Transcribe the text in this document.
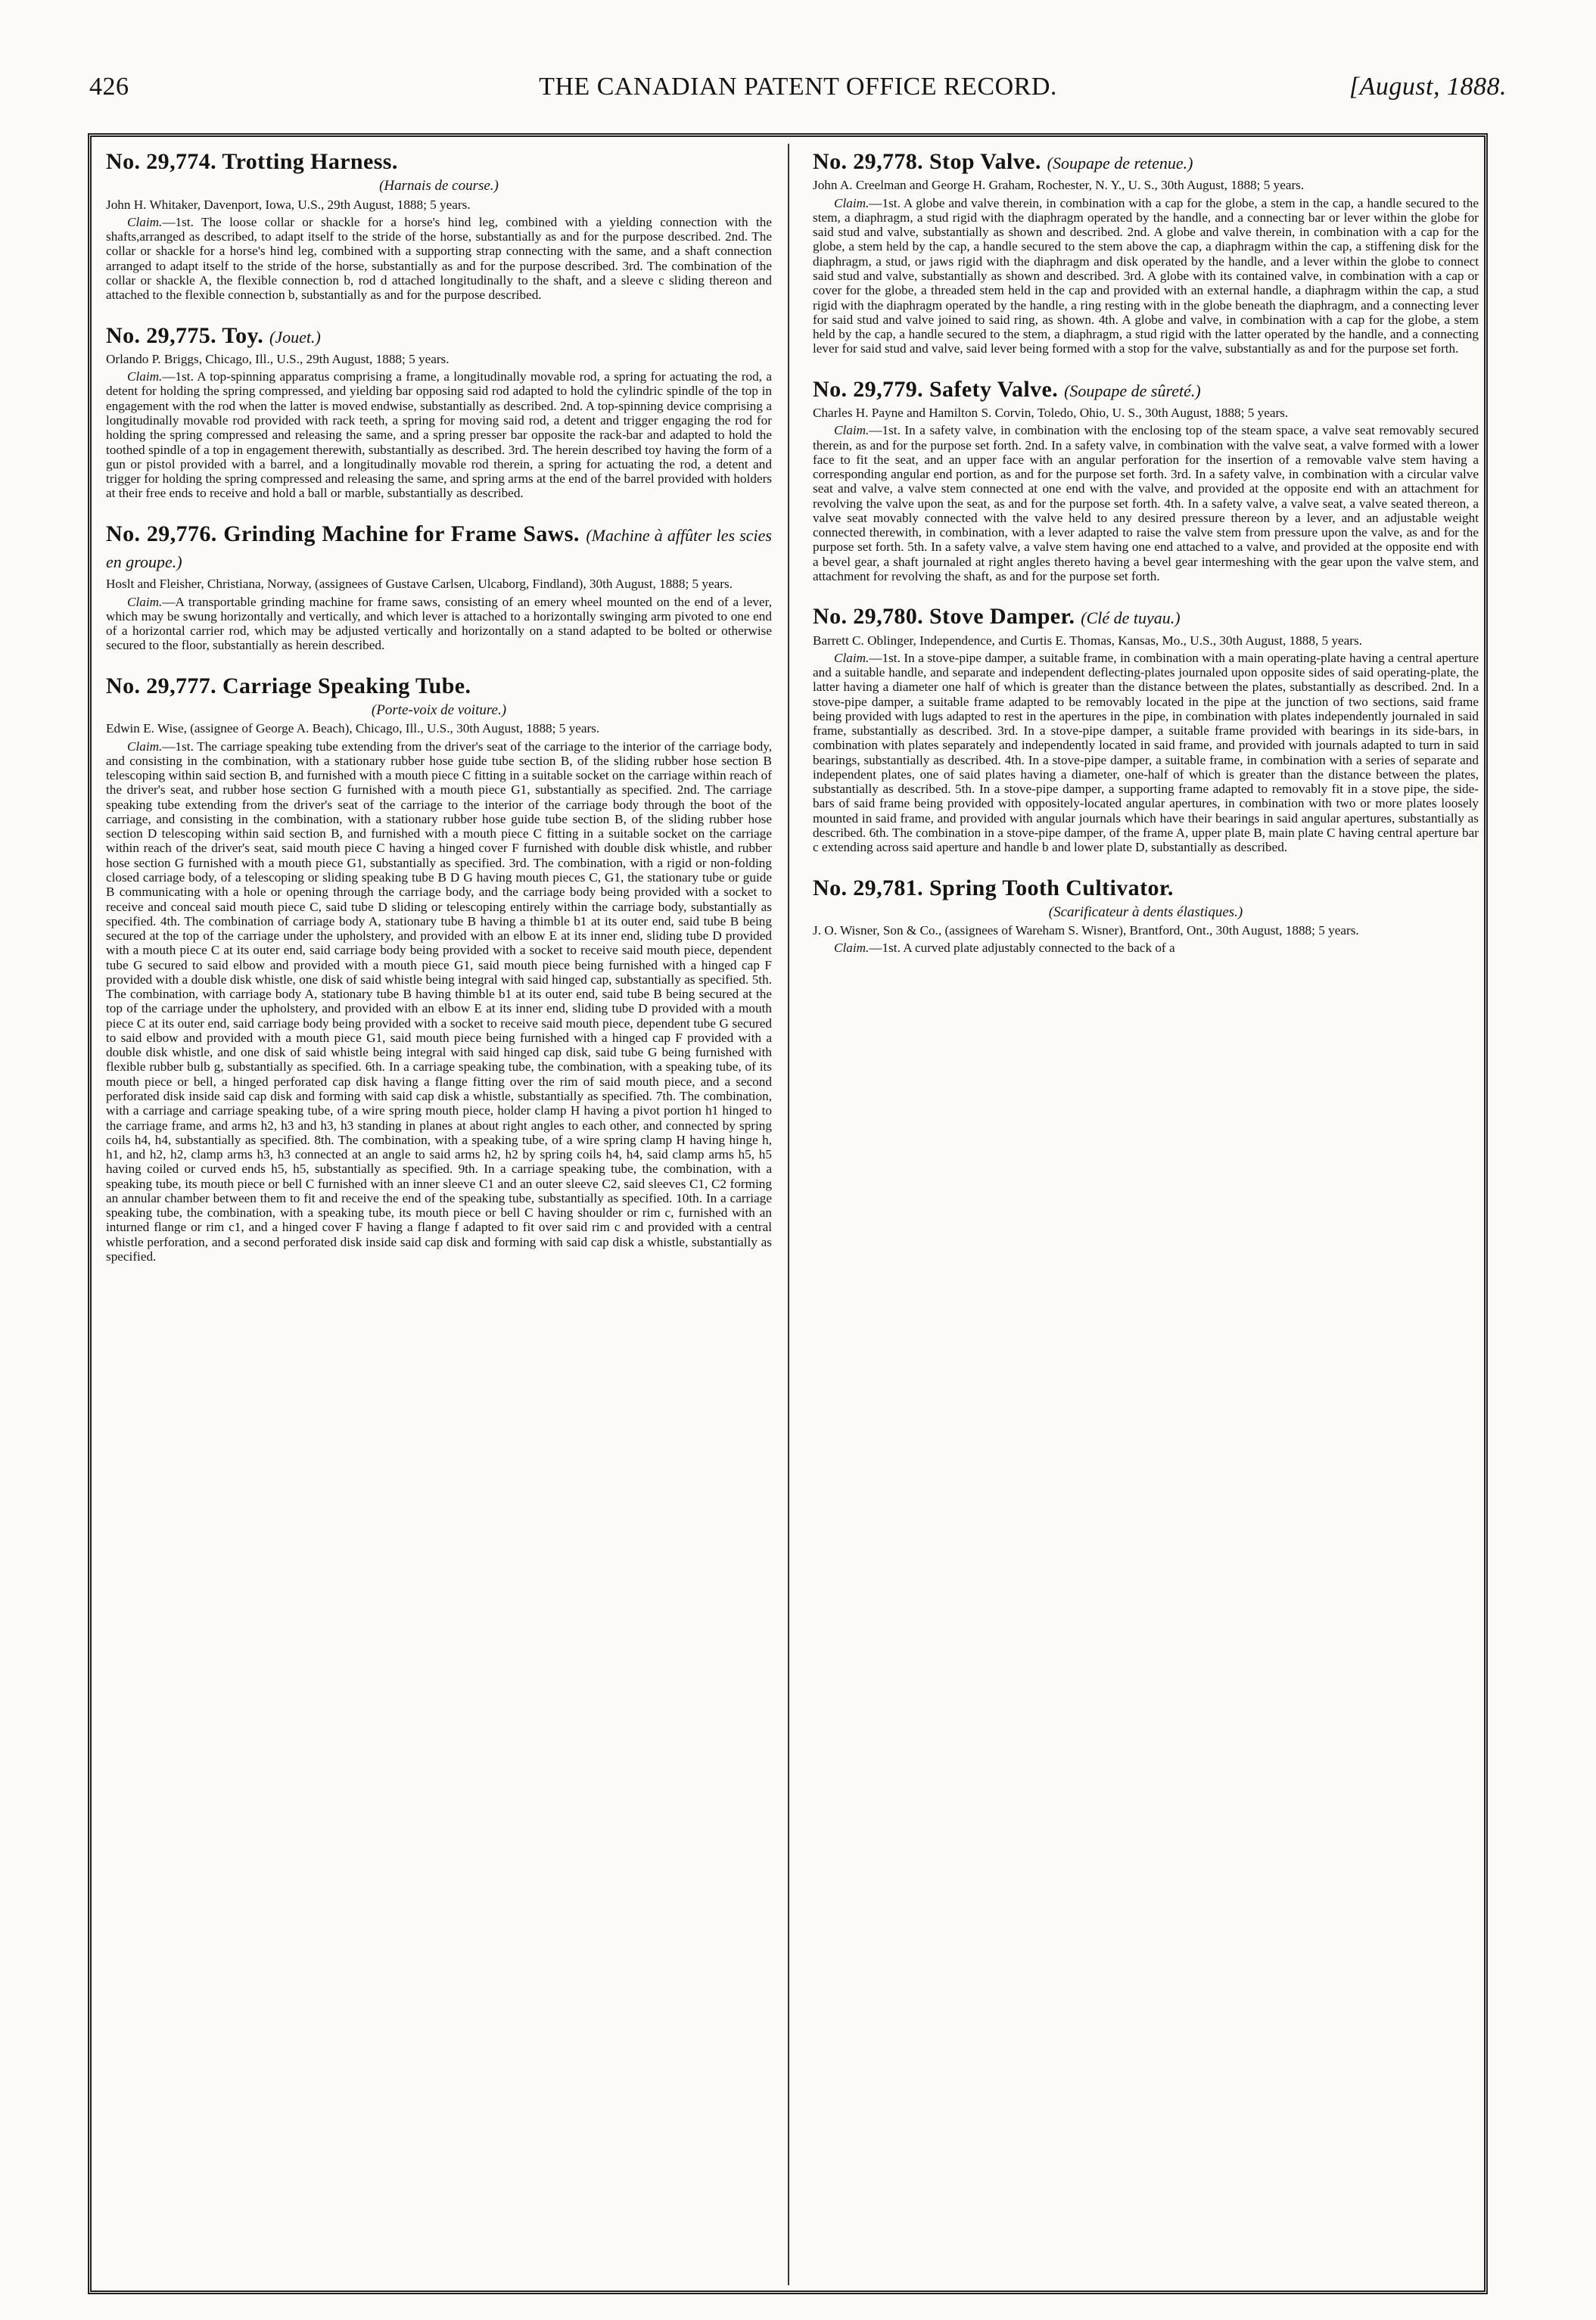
426	THE CANADIAN PATENT OFFICE RECORD.	[August, 1888.
No. 29,774. Trotting Harness.
(Harnais de course.)

John H. Whitaker, Davenport, Iowa, U.S., 29th August, 1888; 5 years.

Claim.—1st. The loose collar or shackle for a horse's hind leg, combined with a yielding connection with the shafts,arranged as described, to adapt itself to the stride of the horse, substantially as and for the purpose described. 2nd. The collar or shackle for a horse's hind leg, combined with a supporting strap connecting with the same, and a shaft connection arranged to adapt itself to the stride of the horse, substantially as and for the purpose described. 3rd. The combination of the collar or shackle A, the flexible connection b, rod d attached longitudinally to the shaft, and a sleeve c sliding thereon and attached to the flexible connection b, substantially as and for the purpose described.

No. 29,775. Toy. (Jouet.)

Orlando P. Briggs, Chicago, Ill., U.S., 29th August, 1888; 5 years.

Claim.—1st. A top-spinning apparatus comprising a frame, a longitudinally movable rod, a spring for actuating the rod, a detent for holding the spring compressed, and yielding bar opposing said rod adapted to hold the cylindric spindle of the top in engagement with the rod when the latter is moved endwise, substantially as described. 2nd. A top-spinning device comprising a longitudinally movable rod provided with rack teeth, a spring for moving said rod, a detent and trigger engaging the rod for holding the spring compressed and releasing the same, and a spring presser bar opposite the rack-bar and adapted to hold the toothed spindle of a top in engagement therewith, substantially as described. 3rd. The herein described toy having the form of a gun or pistol provided with a barrel, and a longitudinally movable rod therein, a spring for actuating the rod, a detent and trigger for holding the spring compressed and releasing the same, and spring arms at the end of the barrel provided with holders at their free ends to receive and hold a ball or marble, substantially as described.

No. 29,776. Grinding Machine for Frame Saws. (Machine à affûter les scies en groupe.)

Hoslt and Fleisher, Christiana, Norway, (assignees of Gustave Carlsen, Ulcaborg, Findland), 30th August, 1888; 5 years.

Claim.—A transportable grinding machine for frame saws, consisting of an emery wheel mounted on the end of a lever, which may be swung horizontally and vertically, and which lever is attached to a horizontally swinging arm pivoted to one end of a horizontal carrier rod, which may be adjusted vertically and horizontally on a stand adapted to be bolted or otherwise secured to the floor, substantially as herein described.

No. 29,777. Carriage Speaking Tube.
(Porte-voix de voiture.)

Edwin E. Wise, (assignee of George A. Beach), Chicago, Ill., U.S., 30th August, 1888; 5 years.

Claim.—1st. The carriage speaking tube extending from the driver's seat of the carriage to the interior of the carriage body, and consisting in the combination, with a stationary rubber hose guide tube section B, of the sliding rubber hose section B telescoping within said section B, and furnished with a mouth piece C fitting in a suitable socket on the carriage within reach of the driver's seat, and rubber hose section G furnished with a mouth piece G1, substantially as specified. 2nd. The carriage speaking tube extending from the driver's seat of the carriage to the interior of the carriage body through the boot of the carriage, and consisting in the combination, with a stationary rubber hose guide tube section B, of the sliding rubber hose section D telescoping within said section B, and furnished with a mouth piece C fitting in a suitable socket on the carriage within reach of the driver's seat, said mouth piece C having a hinged cover F furnished with double disk whistle, and rubber hose section G furnished with a mouth piece G1, substantially as specified. 3rd. The combination, with a rigid or non-folding closed carriage body, of a telescoping or sliding speaking tube B D G having mouth pieces C, G1, the stationary tube or guide B communicating with a hole or opening through the carriage body, and the carriage body being provided with a socket to receive and conceal said mouth piece C, said tube D sliding or telescoping entirely within the carriage body, substantially as specified. 4th. The combination of carriage body A, stationary tube B having a thimble b1 at its outer end, said tube B being secured at the top of the carriage under the upholstery, and provided with an elbow E at its inner end, sliding tube D provided with a mouth piece C at its outer end, said carriage body being provided with a socket to receive said mouth piece, dependent tube G secured to said elbow and provided with a mouth piece G1, said mouth piece being furnished with a hinged cap F provided with a double disk whistle, one disk of said whistle being integral with said hinged cap, substantially as specified. 5th. The combination, with carriage body A, stationary tube B having thimble b1 at its outer end, said tube B being secured at the top of the carriage under the upholstery, and provided with an elbow E at its inner end, sliding tube D provided with a mouth piece C at its outer end, said carriage body being provided with a socket to receive said mouth piece, dependent tube G secured to said elbow and provided with a mouth piece G1, said mouth piece being furnished with a hinged cap F provided with a double disk whistle, and one disk of said whistle being integral with said hinged cap disk, said tube G being furnished with flexible rubber bulb g, substantially as specified. 6th. In a carriage speaking tube, the combination, with a speaking tube, of its mouth piece or bell, a hinged perforated cap disk having a flange fitting over the rim of said mouth piece, and a second perforated disk inside said cap disk and forming with said cap disk a whistle, substantially as specified. 7th. The combination, with a carriage and carriage speaking tube, of a wire spring mouth piece, holder clamp H having a pivot portion h1 hinged to the carriage frame, and arms h2, h3 and h3, h3 standing in planes at about right angles to each other, and connected by spring coils h4, h4, substantially as specified. 8th. The combination, with a speaking tube, of a wire spring clamp H having hinge h, h1, and h2, h2, clamp arms h3, h3 connected at an angle to said arms h2, h2 by spring coils h4, h4, said clamp arms h5, h5 having coiled or curved ends h5, h5, substantially as specified. 9th. In a carriage speaking tube, the combination, with a speaking tube, its mouth piece or bell C furnished with an inner sleeve C1 and an outer sleeve C2, said sleeves C1, C2 forming an annular chamber between them to fit and receive the end of the speaking tube, substantially as specified. 10th. In a carriage speaking tube, the combination, with a speaking tube, its mouth piece or bell C having shoulder or rim c, furnished with an inturned flange or rim c1, and a hinged cover F having a flange f adapted to fit over said rim c and provided with a central whistle perforation, and a second perforated disk inside said cap disk and forming with said cap disk a whistle, substantially as specified.

No. 29,778. Stop Valve. (Soupape de retenue.)

John A. Creelman and George H. Graham, Rochester, N. Y., U. S., 30th August, 1888; 5 years.

Claim.—1st. A globe and valve therein, in combination with a cap for the globe, a stem in the cap, a handle secured to the stem, a diaphragm, a stud rigid with the diaphragm operated by the handle, and a connecting bar or lever within the globe for said stud and valve, substantially as shown and described. 2nd. A globe and valve therein, in combination with a cap for the globe, a stem held by the cap, a handle secured to the stem above the cap, a diaphragm within the cap, a stiffening disk for the diaphragm, a stud, or jaws rigid with the diaphragm and disk operated by the handle, and a lever within the globe to connect said stud and valve, substantially as shown and described. 3rd. A globe with its contained valve, in combination with a cap or cover for the globe, a threaded stem held in the cap and provided with an external handle, a diaphragm within the cap, a stud rigid with the diaphragm operated by the handle, a ring resting with in the globe beneath the diaphragm, and a connecting lever for said stud and valve joined to said ring, as shown. 4th. A globe and valve, in combination with a cap for the globe, a stem held by the cap, a handle secured to the stem, a diaphragm, a stud rigid with the latter operated by the handle, and a connecting lever for said stud and valve, said lever being formed with a stop for the valve, substantially as and for the purpose set forth.

No. 29,779. Safety Valve. (Soupape de sûreté.)

Charles H. Payne and Hamilton S. Corvin, Toledo, Ohio, U. S., 30th August, 1888; 5 years.

Claim.—1st. In a safety valve, in combination with the enclosing top of the steam space, a valve seat removably secured therein, as and for the purpose set forth. 2nd. In a safety valve, in combination with the valve seat, a valve formed with a lower face to fit the seat, and an upper face with an angular perforation for the insertion of a removable valve stem having a corresponding angular end portion, as and for the purpose set forth. 3rd. In a safety valve, in combination with a circular valve seat and valve, a valve stem connected at one end with the valve, and provided at the opposite end with an attachment for revolving the valve upon the seat, as and for the purpose set forth. 4th. In a safety valve, a valve seat, a valve seated thereon, a valve seat movably connected with the valve held to any desired pressure thereon by a lever, and an adjustable weight connected therewith, in combination, with a lever adapted to raise the valve stem from pressure upon the valve, as and for the purpose set forth. 5th. In a safety valve, a valve stem having one end attached to a valve, and provided at the opposite end with a bevel gear, a shaft journaled at right angles thereto having a bevel gear intermeshing with the gear upon the valve stem, and attachment for revolving the shaft, as and for the purpose set forth.

No. 29,780. Stove Damper. (Clé de tuyau.)

Barrett C. Oblinger, Independence, and Curtis E. Thomas, Kansas, Mo., U.S., 30th August, 1888, 5 years.

Claim.—1st. In a stove-pipe damper, a suitable frame, in combination with a main operating-plate having a central aperture and a suitable handle, and separate and independent deflecting-plates journaled upon opposite sides of said operating-plate, the latter having a diameter one half of which is greater than the distance between the plates, substantially as described. 2nd. In a stove-pipe damper, a suitable frame adapted to be removably located in the pipe at the junction of two sections, said frame being provided with lugs adapted to rest in the apertures in the pipe, in combination with plates independently journaled in said frame, substantially as described. 3rd. In a stove-pipe damper, a suitable frame provided with bearings in its side-bars, in combination with plates separately and independently located in said frame, and provided with journals adapted to turn in said bearings, substantially as described. 4th. In a stove-pipe damper, a suitable frame, in combination with a series of separate and independent plates, one of said plates having a diameter, one-half of which is greater than the distance between the plates, substantially as described. 5th. In a stove-pipe damper, a supporting frame adapted to removably fit in a stove pipe, the side-bars of said frame being provided with oppositely-located angular apertures, in combination with two or more plates loosely mounted in said frame, and provided with angular journals which have their bearings in said angular apertures, substantially as described. 6th. The combination in a stove-pipe damper, of the frame A, upper plate B, main plate C having central aperture bar c extending across said aperture and handle b and lower plate D, substantially as described.

No. 29,781. Spring Tooth Cultivator.
(Scarificateur à dents élastiques.)

J. O. Wisner, Son & Co., (assignees of Wareham S. Wisner), Brantford, Ont., 30th August, 1888; 5 years.

Claim.—1st. A curved plate adjustably connected to the back of a
